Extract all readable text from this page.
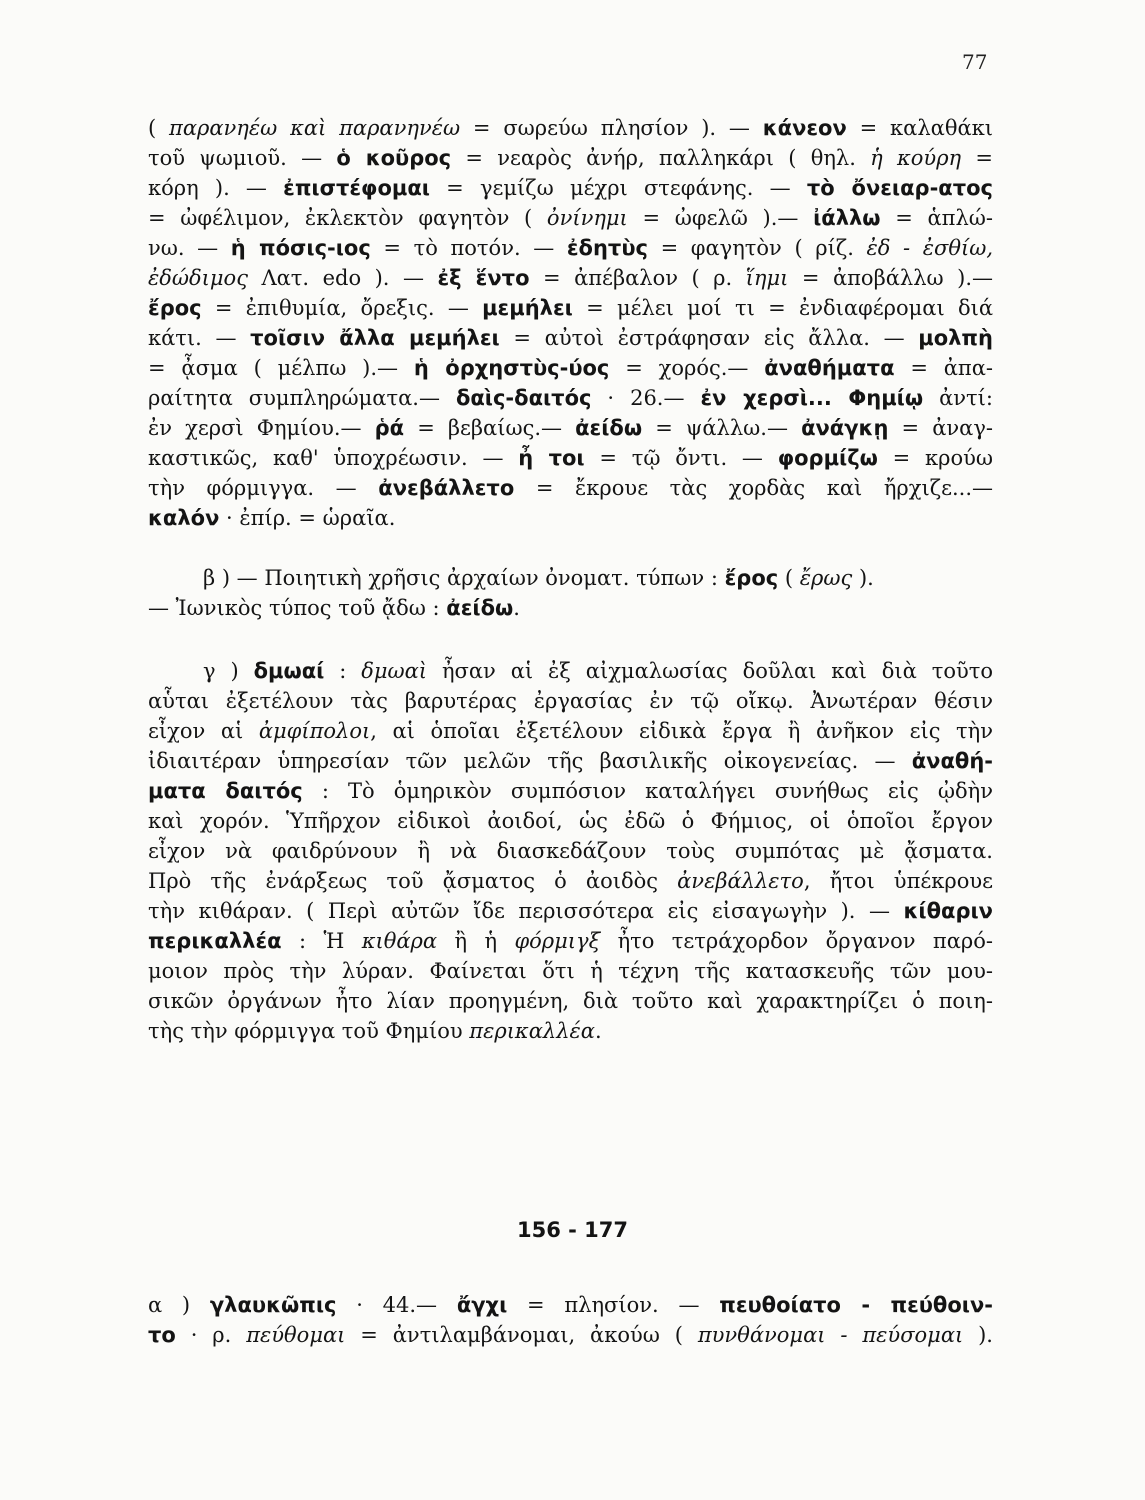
77
( παρανηέω καὶ παρανηνέω = σωρεύω πλησίον ). — κάνεον = καλαθάκι
τοῦ ψωμιοῦ. — ὁ κοῦρος = νεαρὸς ἀνήρ, παλληκάρι ( θηλ. ἡ κούρη =
κόρη ). — ἐπιστέφομαι = γεμίζω μέχρι στεφάνης. — τὸ ὄνειαρ-ατος
= ὠφέλιμον, ἐκλεκτὸν φαγητὸν ( ὀνίνημι = ὠφελῶ ).— ἰάλλω = ἁπλώ-
νω. — ἡ πόσις-ιος = τὸ ποτόν. — ἐδητὺς = φαγητὸν ( ρίζ. ἐδ - ἐσθίω,
ἐδώδιμος Λατ. edo ). — ἐξ ἕντο = ἀπέβαλον ( ρ. ἵημι = ἀποβάλλω ).—
ἔρος = ἐπιθυμία, ὄρεξις. — μεμήλει = μέλει μοί τι = ἐνδιαφέρομαι διά
κάτι. — τοῖσιν ἄλλα μεμήλει = αὐτοὶ ἐστράφησαν εἰς ἄλλα. — μολπὴ
= ᾆσμα ( μέλπω ).— ἡ ὀρχηστὺς-ύος = χορός.— ἀναθήματα = ἀπα-
ραίτητα συμπληρώματα.— δαὶς-δαιτός · 26.— ἐν χερσὶ... Φημίῳ ἀντί:
ἐν χερσὶ Φημίου.— ῥά = βεβαίως.— ἀείδω = ψάλλω.— ἀνάγκῃ = ἀναγ-
καστικῶς, καθ' ὑποχρέωσιν. — ἦ τοι = τῷ ὄντι. — φορμίζω = κρούω
τὴν φόρμιγγα. — ἀνεβάλλετο = ἔκρουε τὰς χορδὰς καὶ ἤρχιζε...—
καλόν · ἐπίρ. = ὡραῖα.
β ) — Ποιητικὴ χρῆσις ἀρχαίων ὀνοματ. τύπων : ἔρος ( ἔρως ).
— Ἰωνικὸς τύπος τοῦ ᾄδω : ἀείδω.
γ ) δμωαί : δμωαὶ ἦσαν αἱ ἐξ αἰχμαλωσίας δοῦλαι καὶ διὰ τοῦτο
αὗται ἐξετέλουν τὰς βαρυτέρας ἐργασίας ἐν τῷ οἴκῳ. Ἀνωτέραν θέσιν
εἶχον αἱ ἀμφίπολοι, αἱ ὁποῖαι ἐξετέλουν εἰδικὰ ἔργα ἢ ἀνῆκον εἰς τὴν
ἰδιαιτέραν ὑπηρεσίαν τῶν μελῶν τῆς βασιλικῆς οἰκογενείας. — ἀναθή-
ματα δαιτός : Τὸ ὁμηρικὸν συμπόσιον καταλήγει συνήθως εἰς ᾠδὴν
καὶ χορόν. Ὑπῆρχον εἰδικοὶ ἀοιδοί, ὡς ἐδῶ ὁ Φήμιος, οἱ ὁποῖοι ἔργον
εἶχον νὰ φαιδρύνουν ἢ νὰ διασκεδάζουν τοὺς συμπότας μὲ ᾄσματα.
Πρὸ τῆς ἐνάρξεως τοῦ ᾄσματος ὁ ἀοιδὸς ἀνεβάλλετο, ἤτοι ὑπέκρουε
τὴν κιθάραν. ( Περὶ αὐτῶν ἴδε περισσότερα εἰς εἰσαγωγὴν ). — κίθαριν
περικαλλέα : Ἡ κιθάρα ἢ ἡ φόρμιγξ ἦτο τετράχορδον ὄργανον παρό-
μοιον πρὸς τὴν λύραν. Φαίνεται ὅτι ἡ τέχνη τῆς κατασκευῆς τῶν μου-
σικῶν ὀργάνων ἦτο λίαν προηγμένη, διὰ τοῦτο καὶ χαρακτηρίζει ὁ ποιη-
τὴς τὴν φόρμιγγα τοῦ Φημίου περικαλλέα.
α ) γλαυκῶπις · 44.— ἄγχι = πλησίον. — πευθοίατο - πεύθοιν-
το · ρ. πεύθομαι = ἀντιλαμβάνομαι, ἀκούω ( πυνθάνομαι - πεύσομαι ).
156 - 177
